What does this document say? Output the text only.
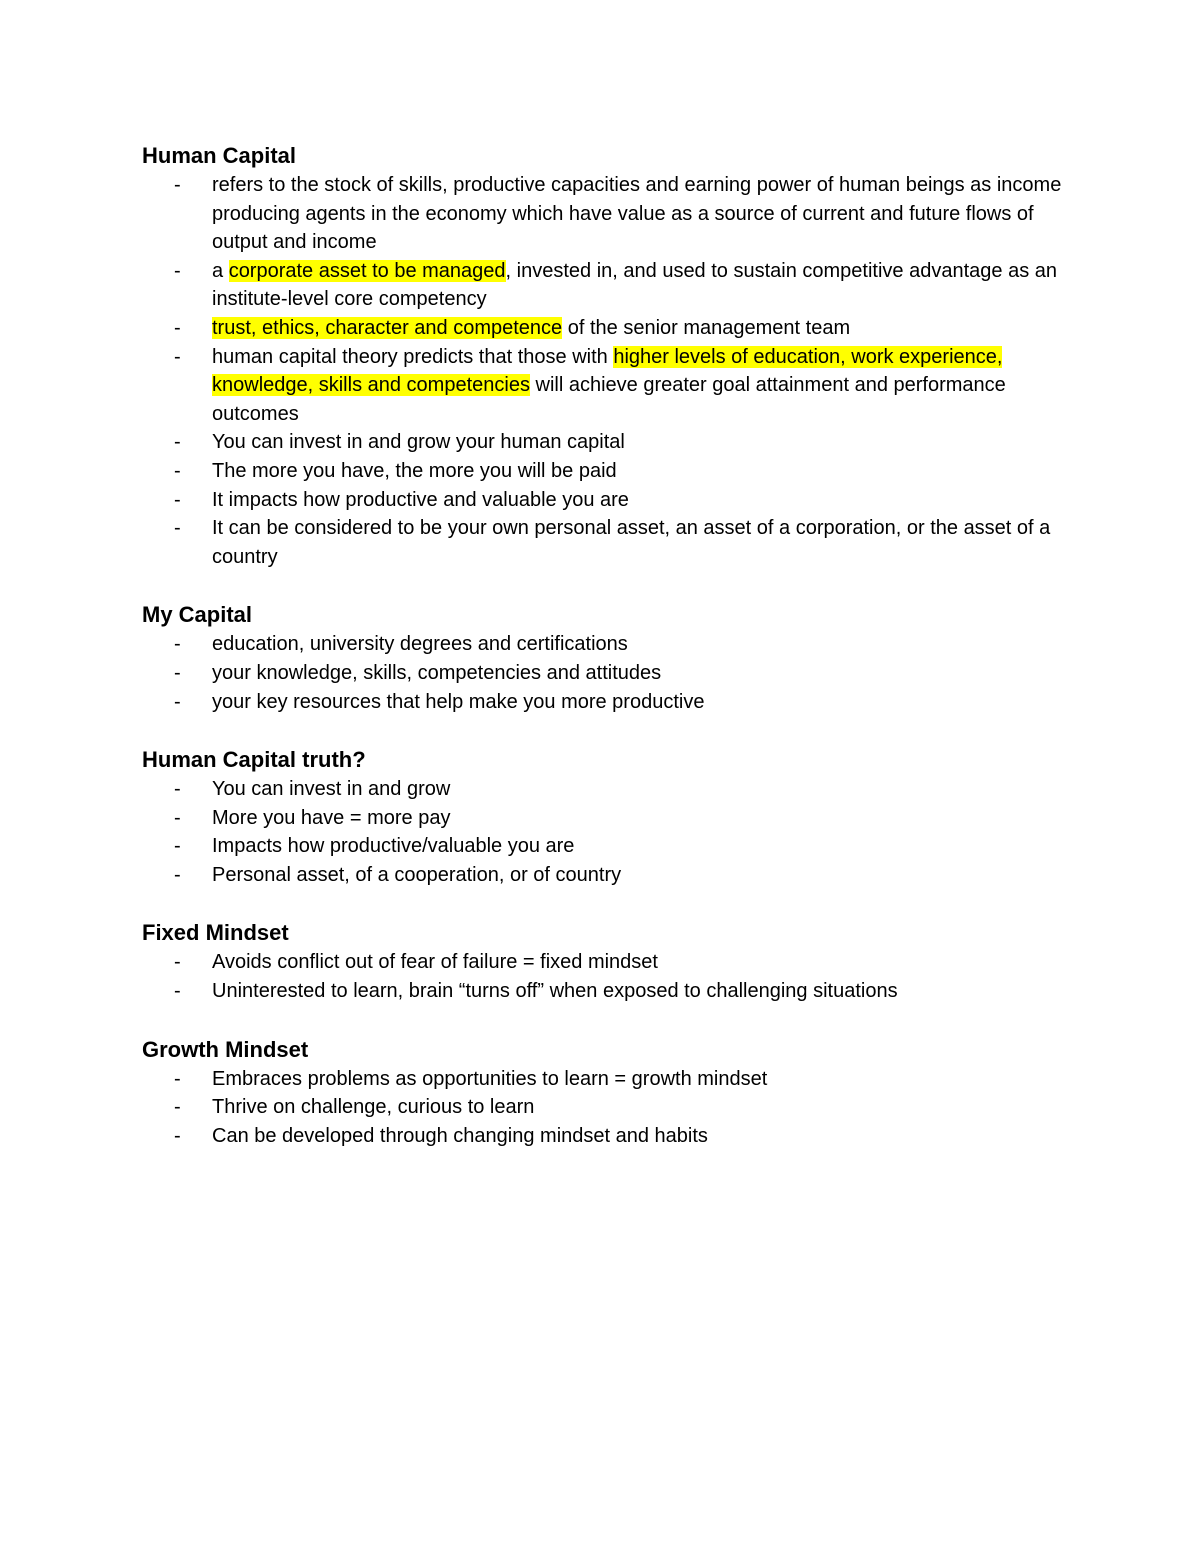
Human Capital
- refers to the stock of skills, productive capacities and earning power of human beings as income producing agents in the economy which have value as a source of current and future flows of output and income
- a corporate asset to be managed, invested in, and used to sustain competitive advantage as an institute-level core competency
- trust, ethics, character and competence of the senior management team
- human capital theory predicts that those with higher levels of education, work experience, knowledge, skills and competencies will achieve greater goal attainment and performance outcomes
- You can invest in and grow your human capital
- The more you have, the more you will be paid
- It impacts how productive and valuable you are
- It can be considered to be your own personal asset, an asset of a corporation, or the asset of a country
My Capital
- education, university degrees and certifications
- your knowledge, skills, competencies and attitudes
- your key resources that help make you more productive
Human Capital truth?
- You can invest in and grow
- More you have = more pay
- Impacts how productive/valuable you are
- Personal asset, of a cooperation, or of country
Fixed Mindset
- Avoids conflict out of fear of failure = fixed mindset
- Uninterested to learn, brain “turns off” when exposed to challenging situations
Growth Mindset
- Embraces problems as opportunities to learn = growth mindset
- Thrive on challenge, curious to learn
- Can be developed through changing mindset and habits
